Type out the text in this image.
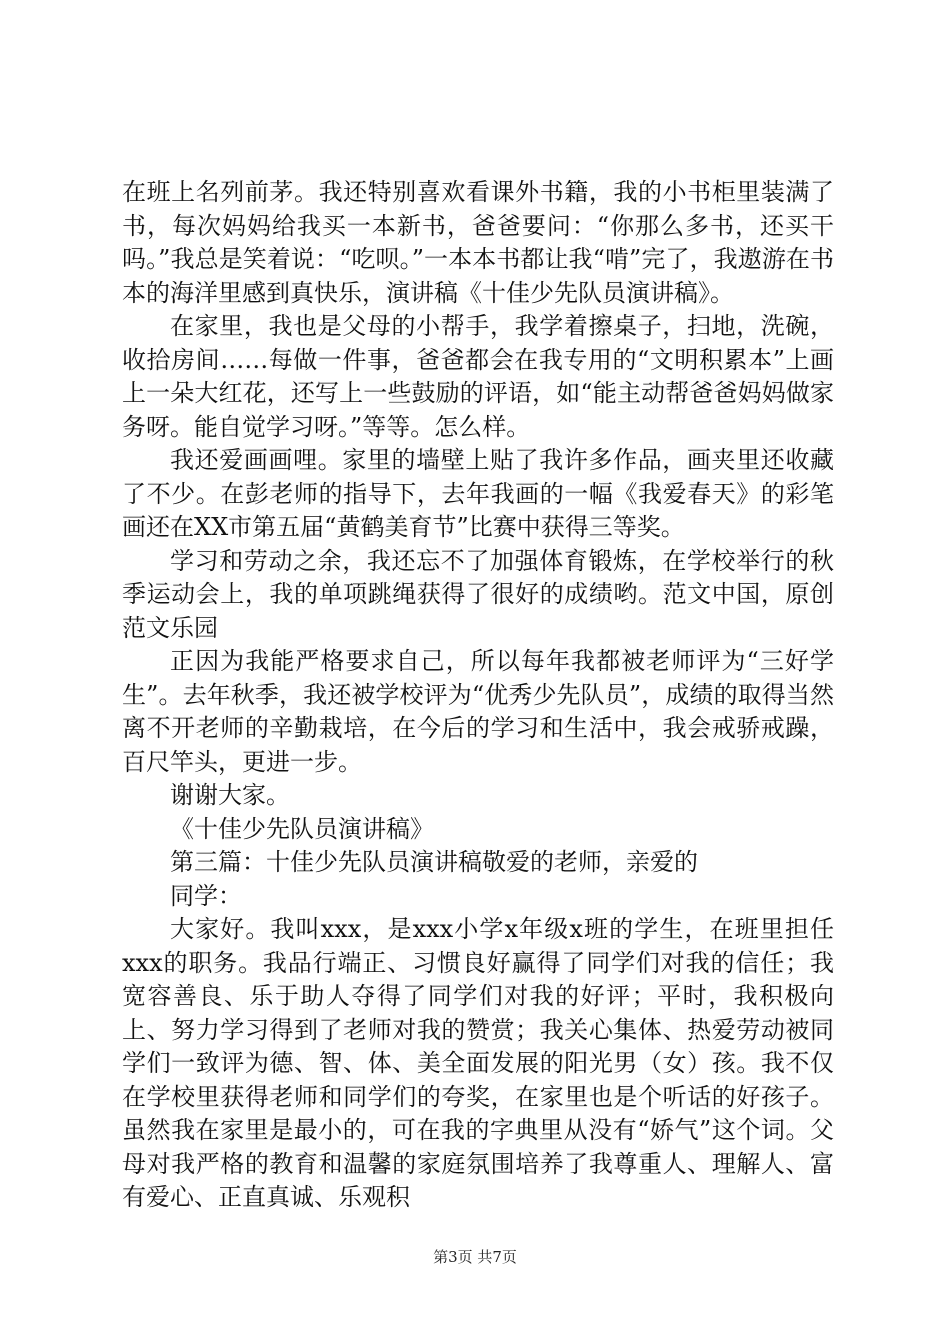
在班上名列前茅。我还特别喜欢看课外书籍，我的小书柜里装满了书，每次妈妈给我买一本新书，爸爸要问：“你那么多书，还买干吗。”我总是笑着说：“吃呗。”一本本书都让我“啃”完了，我遨游在书本的海洋里感到真快乐，演讲稿《十佳少先队员演讲稿》。

在家里，我也是父母的小帮手，我学着擦桌子，扫地，洗碗，收拾房间……每做一件事，爸爸都会在我专用的“文明积累本”上画上一朵大红花，还写上一些鼓励的评语，如“能主动帮爸爸妈妈做家务呀。能自觉学习呀。”等等。怎么样。

我还爱画画哩。家里的墙壁上贴了我许多作品，画夹里还收藏了不少。在彭老师的指导下，去年我画的一幅《我爱春天》的彩笔画还在XX市第五届“黄鹤美育节”比赛中获得三等奖。

学习和劳动之余，我还忘不了加强体育锻炼，在学校举行的秋季运动会上，我的单项跳绳获得了很好的成绩哟。范文中国，原创范文乐园

正因为我能严格要求自己，所以每年我都被老师评为“三好学生”。去年秋季，我还被学校评为“优秀少先队员”，成绩的取得当然离不开老师的辛勤栽培，在今后的学习和生活中，我会戒骄戒躁，百尺竿头，更进一步。

谢谢大家。

《十佳少先队员演讲稿》

第三篇：十佳少先队员演讲稿敬爱的老师，亲爱的

同学：

大家好。我叫xxx，是xxx小学x年级x班的学生，在班里担任xxx的职务。我品行端正、习惯良好赢得了同学们对我的信任；我宽容善良、乐于助人夺得了同学们对我的好评；平时，我积极向上、努力学习得到了老师对我的赞赏；我关心集体、热爱劳动被同学们一致评为德、智、体、美全面发展的阳光男（女）孩。我不仅在学校里获得老师和同学们的夸奖，在家里也是个听话的好孩子。虽然我在家里是最小的，可在我的字典里从没有“娇气”这个词。父母对我严格的教育和温馨的家庭氛围培养了我尊重人、理解人、富有爱心、正直真诚、乐观积

第3页 共7页
